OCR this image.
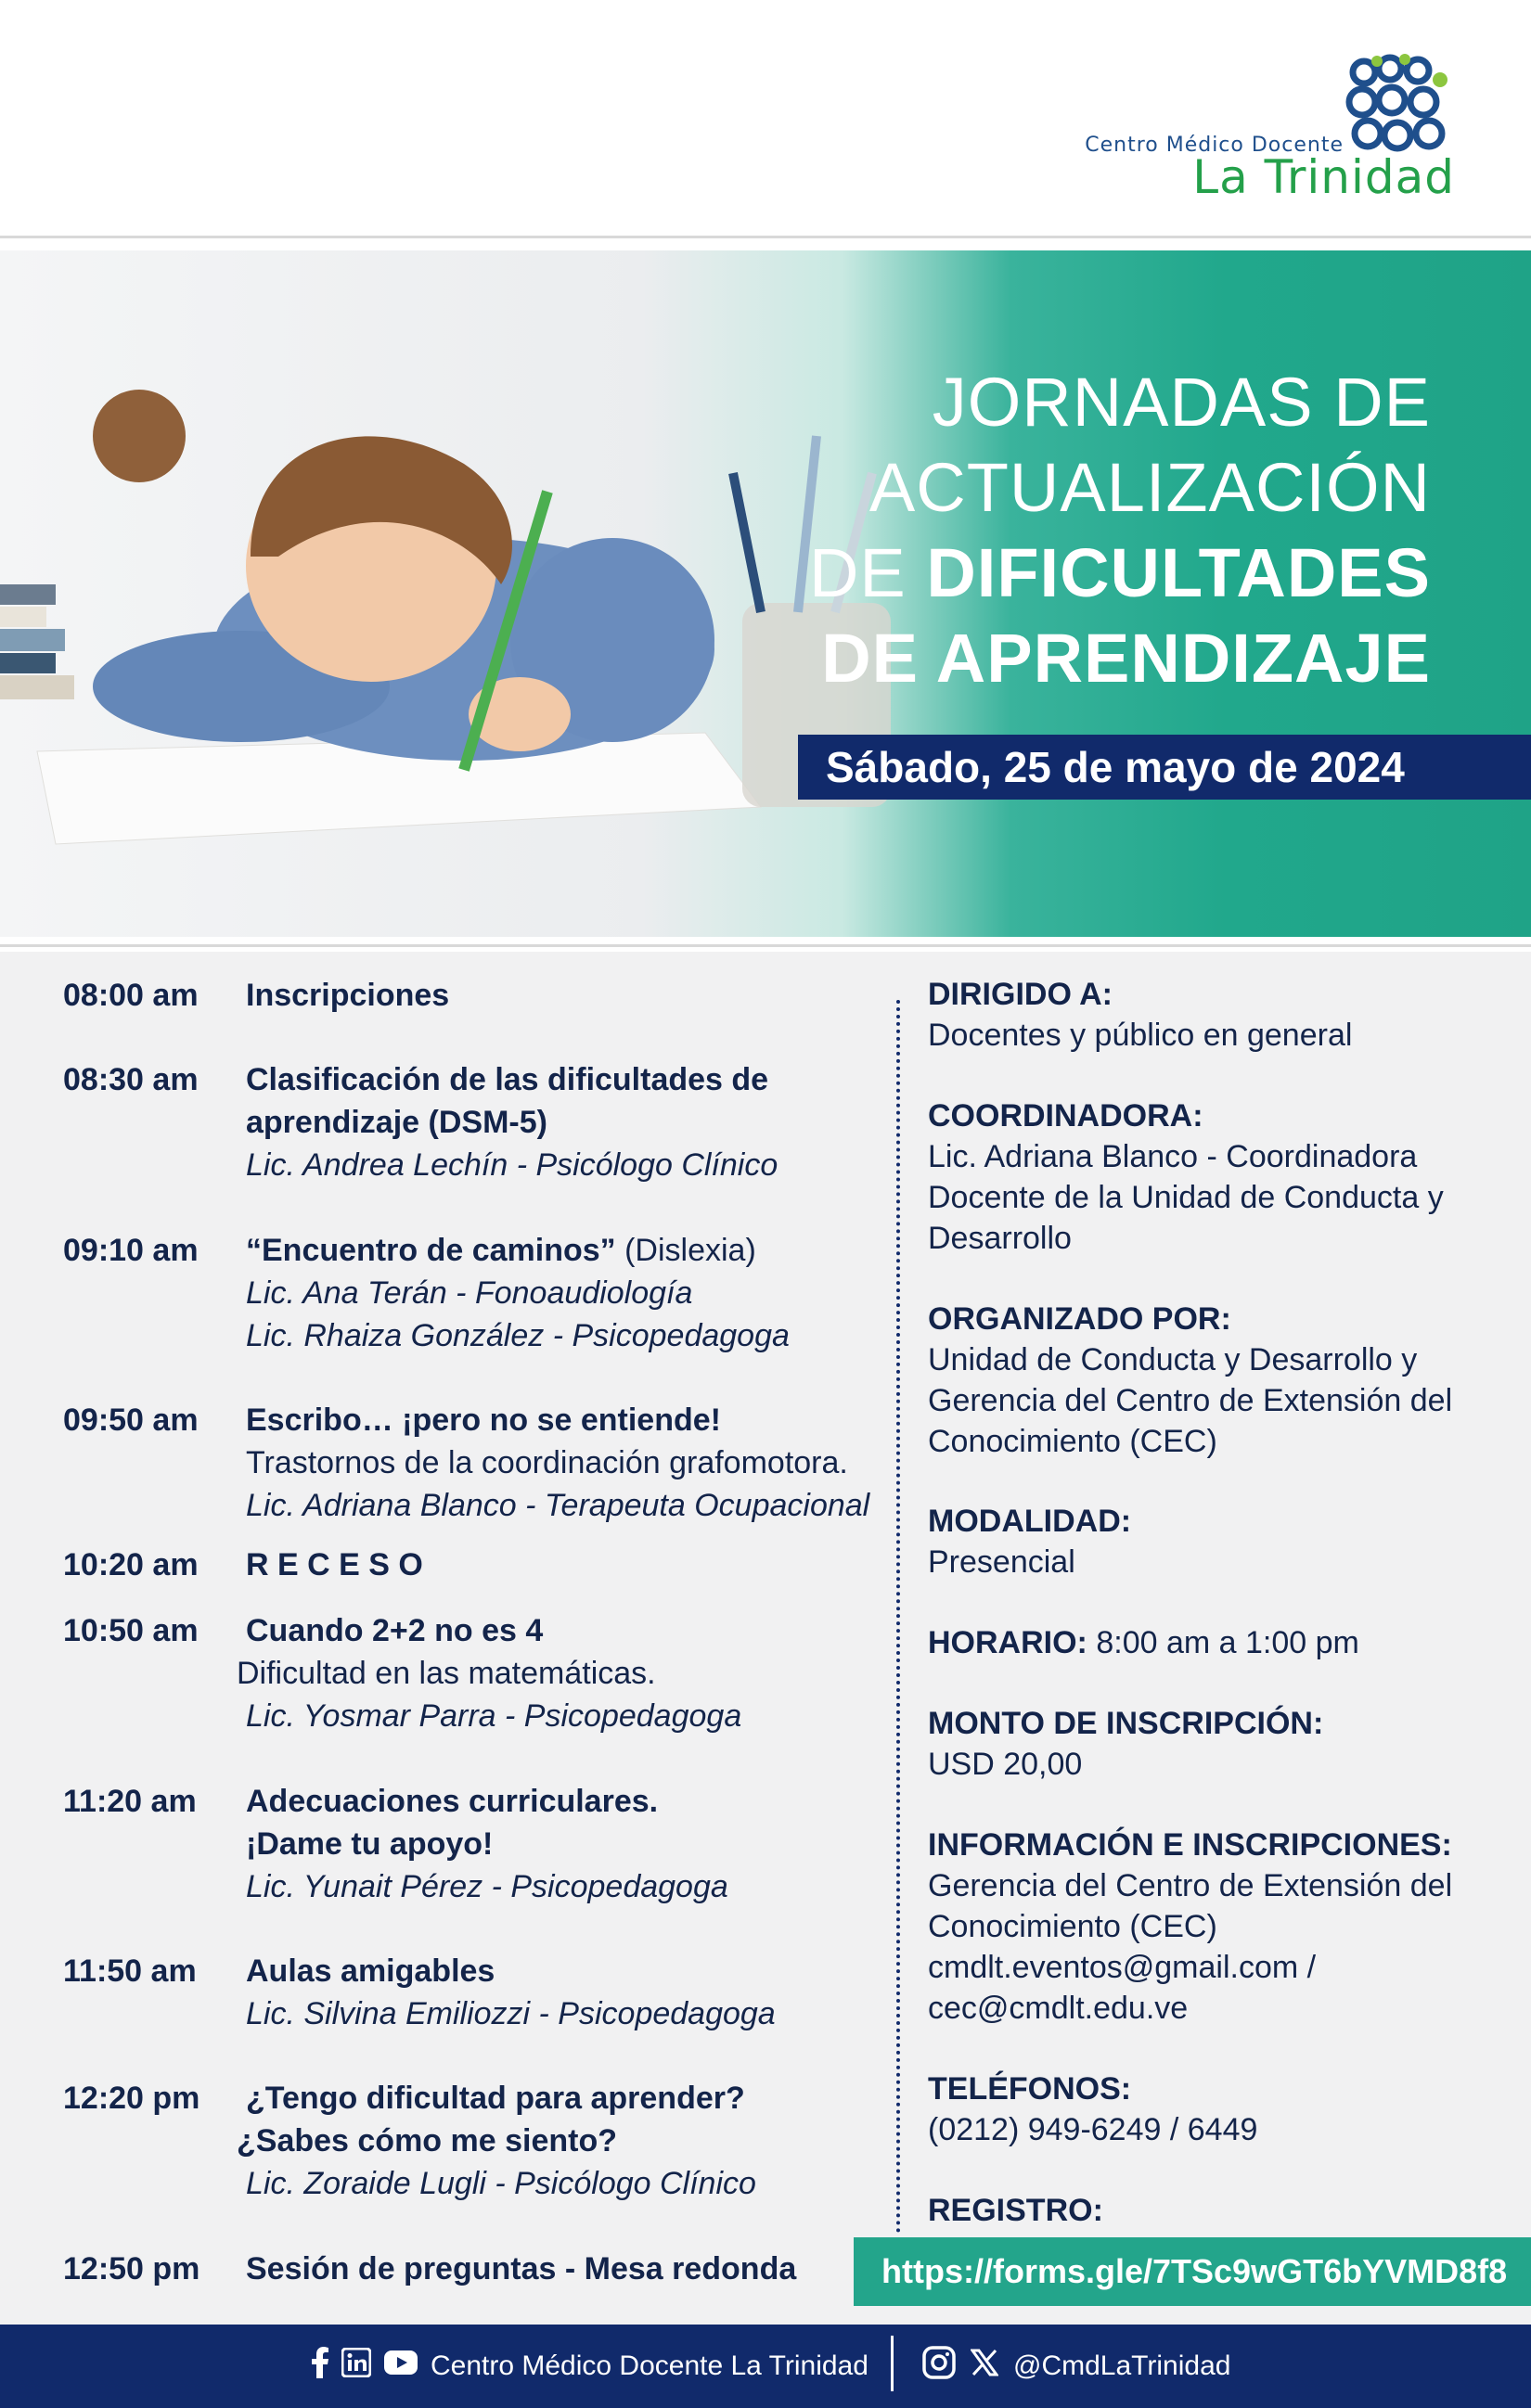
Centro Médico Docente
La Trinidad
JORNADAS DE
ACTUALIZACIÓN
DE DIFICULTADES
DE APRENDIZAJE
Sábado, 25 de mayo de 2024
08:00 am	Inscripciones
08:30 am	Clasificación de las dificultades de aprendizaje (DSM-5)
Lic. Andrea Lechín - Psicólogo Clínico
09:10 am	“Encuentro de caminos” (Dislexia)
Lic. Ana Terán - Fonoaudiología
Lic. Rhaiza González - Psicopedagoga
09:50 am	Escribo… ¡pero no se entiende!
Trastornos de la coordinación grafomotora.
Lic. Adriana Blanco - Terapeuta Ocupacional
10:20 am	R E C E S O
10:50 am	Cuando 2+2 no es 4
Dificultad en las matemáticas.
Lic. Yosmar Parra - Psicopedagoga
11:20 am	Adecuaciones curriculares.
¡Dame tu apoyo!
Lic. Yunait Pérez - Psicopedagoga
11:50 am	Aulas amigables
Lic. Silvina Emiliozzi - Psicopedagoga
12:20 pm	¿Tengo dificultad para aprender?
¿Sabes cómo me siento?
Lic. Zoraide Lugli - Psicólogo Clínico
12:50 pm	Sesión de preguntas - Mesa redonda
DIRIGIDO A:
Docentes y público en general
COORDINADORA:
Lic. Adriana Blanco - Coordinadora
Docente de la Unidad de Conducta y
Desarrollo
ORGANIZADO POR:
Unidad de Conducta y Desarrollo y
Gerencia del Centro de Extensión del
Conocimiento (CEC)
MODALIDAD:
Presencial
HORARIO: 8:00 am a 1:00 pm
MONTO DE INSCRIPCIÓN:
USD 20,00
INFORMACIÓN E INSCRIPCIONES:
Gerencia del Centro de Extensión del
Conocimiento (CEC)
cmdlt.eventos@gmail.com /
cec@cmdlt.edu.ve
TELÉFONOS:
(0212) 949-6249 / 6449
REGISTRO:
https://forms.gle/7TSc9wGT6bYVMD8f8
Centro Médico Docente La Trinidad	@CmdLaTrinidad
